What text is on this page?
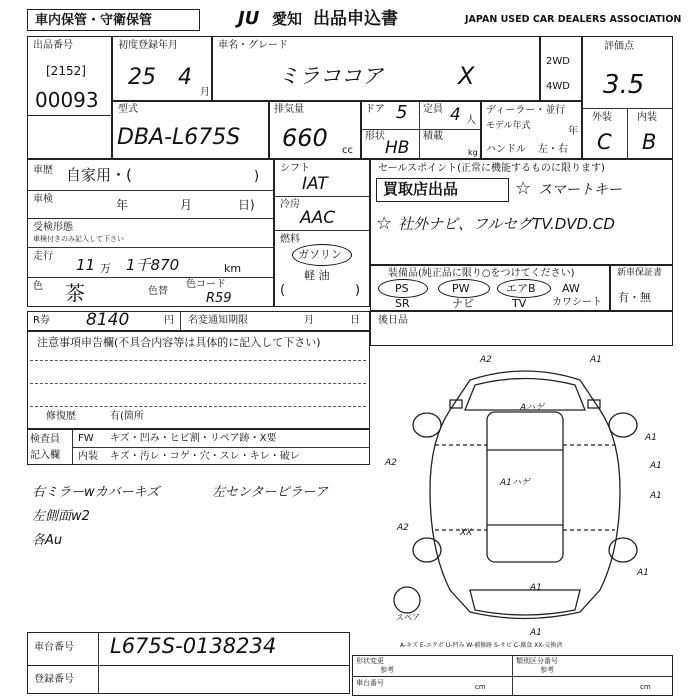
車内保管・守衛保管	JU 愛知 出品申込書	JAPAN USED CAR DEALERS ASSOCIATION
出品番号
[2152]
00093
初度登録年月
25 4
月
車名・グレード
ミラココア	X
2WD
4WD
評価点
3.5
外装	内装
C B
型式
DBA-L675S
排気量
660 cc
ドア 5 定員 4 人
形状
HB
積載
kg
ディーラー・並行
モデル年式	年
ハンドル 左・右
車歴 自家用・(	)
車検	年	月	日)
受検形態
車検付きのみ記入して下さい
走行 11 万 1千870	km
色 茶	色替
色コード
R59
シフト
IAT
冷房
AAC
燃料
ガソリン
軽 油
(	)
セールスポイント(正常に機能するものに限ります)
買取店出品	☆ スマートキー
☆ 社外ナビ、フルセグTV.DVD.CD
装備品(純正品に限り○をつけてください)
PS	PW	エアB AW
SR	ナビ	TV	カワシート
新車保証書
有・無
R券 8140	円 名変通知期限	月	日 後日品
注意事項申告欄(不具合内容等は具体的に記入して下さい)
修復歴	有(箇所
検査員
記入欄
FW キズ・凹み・ヒビ割・リペア跡・X要
内装 キズ・汚レ・コゲ・穴・スレ・キレ・破レ
右ミラーwカバーキズ	左センターピラーア
左側面w2
各Au
A2	A1
A2
A1
A1
A1
A2
A1
XX
A1
A1
Aハゲ
A1ハゲ
スペア
A-キズ E-エクボ U-凹み W-補修跡 S-サビ C-腐食 XX-交換済
車台番号 L675S-0138234
登録番号
形状変更
参考
類別区分番号
参考
車台番号	cm	cm
